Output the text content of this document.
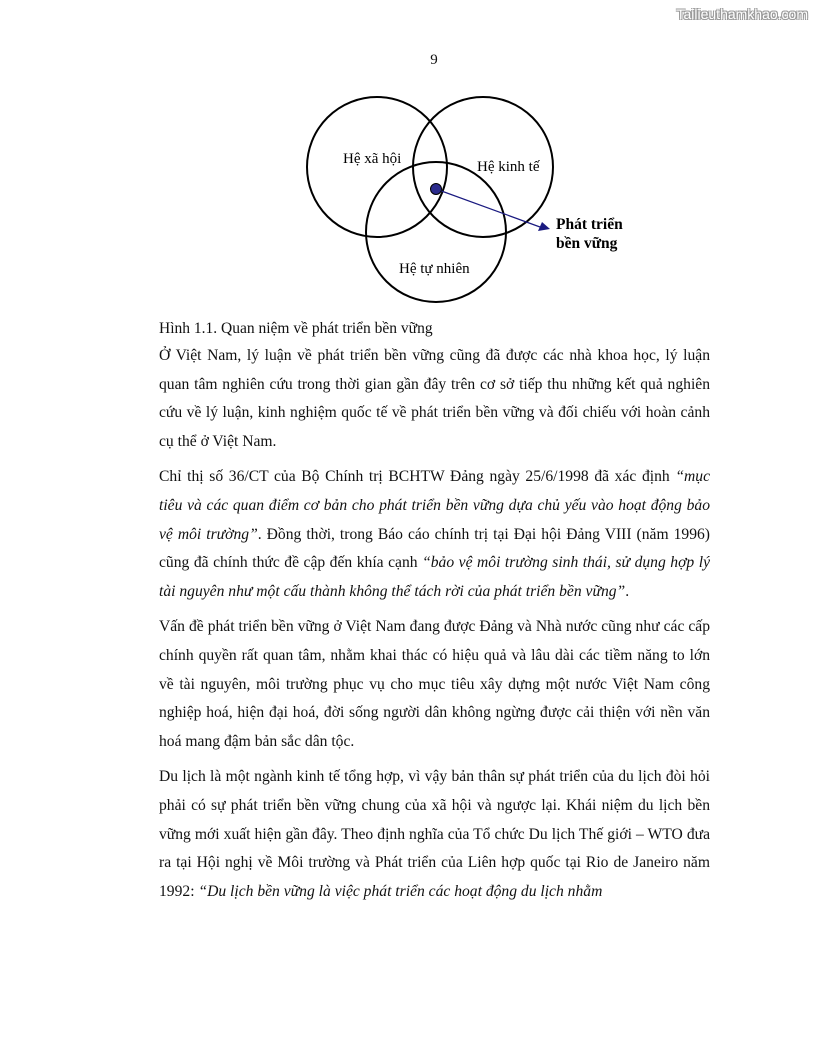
Tailieuthamkhao.com
9
Hệ xã hội	Hệ kinh tế
Hệ tự nhiên
Phát triển
bền vững
Hình 1.1. Quan niệm về phát triển bền vững

Ở Việt Nam, lý luận về phát triển bền vững cũng đã được các nhà khoa học, lý luận quan tâm nghiên cứu trong thời gian gần đây trên cơ sở tiếp thu những kết quả nghiên cứu về lý luận, kinh nghiệm quốc tế về phát triển bền vững và đối chiếu với hoàn cảnh cụ thể ở Việt Nam.

Chỉ thị số 36/CT của Bộ Chính trị BCHTW Đảng ngày 25/6/1998 đã xác định “mục tiêu và các quan điểm cơ bản cho phát triển bền vững dựa chủ yếu vào hoạt động bảo vệ môi trường”. Đồng thời, trong Báo cáo chính trị tại Đại hội Đảng VIII (năm 1996) cũng đã chính thức đề cập đến khía cạnh “bảo vệ môi trường sinh thái, sử dụng hợp lý tài nguyên như một cấu thành không thể tách rời của phát triển bền vững”.

Vấn đề phát triển bền vững ở Việt Nam đang được Đảng và Nhà nước cũng như các cấp chính quyền rất quan tâm, nhằm khai thác có hiệu quả và lâu dài các tiềm năng to lớn về tài nguyên, môi trường phục vụ cho mục tiêu xây dựng một nước Việt Nam công nghiệp hoá, hiện đại hoá, đời sống người dân không ngừng được cải thiện với nền văn hoá mang đậm bản sắc dân tộc.

Du lịch là một ngành kinh tế tổng hợp, vì vậy bản thân sự phát triển của du lịch đòi hỏi phải có sự phát triển bền vững chung của xã hội và ngược lại. Khái niệm du lịch bền vững mới xuất hiện gần đây. Theo định nghĩa của Tổ chức Du lịch Thế giới – WTO đưa ra tại Hội nghị về Môi trường và Phát triển của Liên hợp quốc tại Rio de Janeiro năm 1992: “Du lịch bền vững là việc phát triển các hoạt động du lịch nhằm
